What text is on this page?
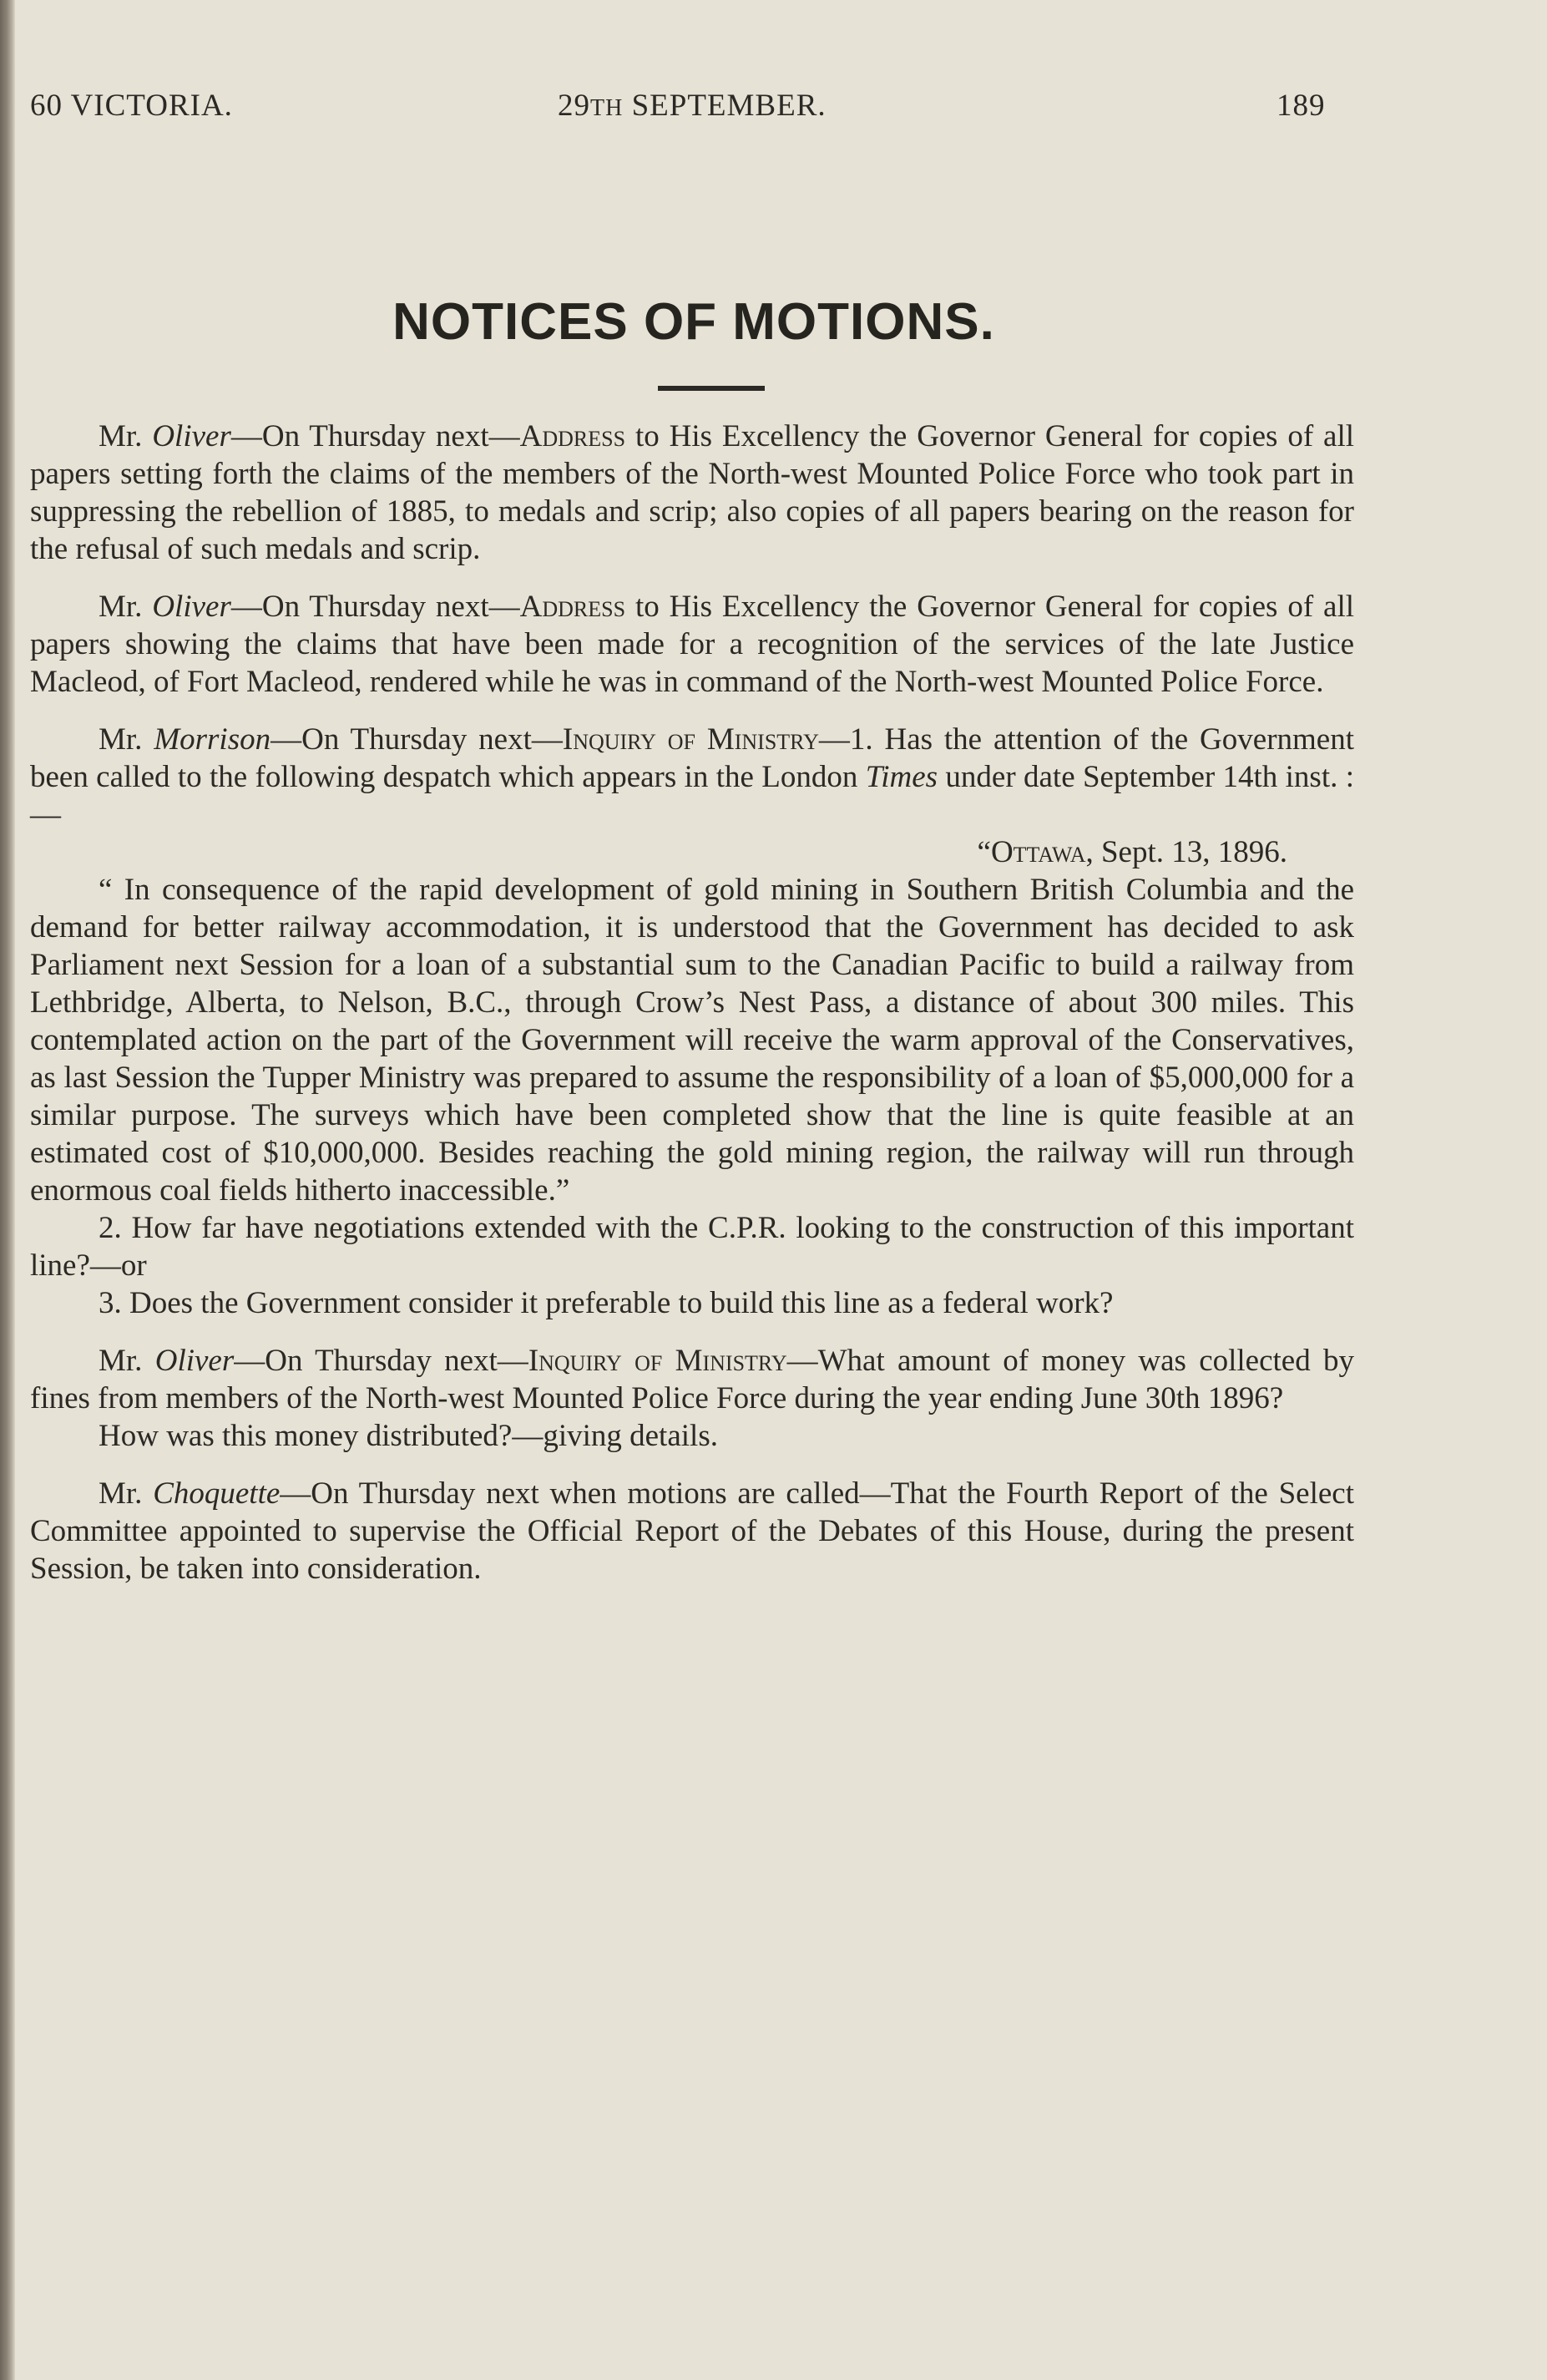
60 VICTORIA.	29TH SEPTEMBER.	189
NOTICES OF MOTIONS.

Mr. Oliver—On Thursday next—Address to His Excellency the Governor General for copies of all papers setting forth the claims of the members of the North-west Mounted Police Force who took part in suppressing the rebellion of 1885, to medals and scrip; also copies of all papers bearing on the reason for the refusal of such medals and scrip.

Mr. Oliver—On Thursday next—Address to His Excellency the Governor General for copies of all papers showing the claims that have been made for a recognition of the services of the late Justice Macleod, of Fort Macleod, rendered while he was in command of the North-west Mounted Police Force.

Mr. Morrison—On Thursday next—Inquiry of Ministry—1. Has the attention of the Government been called to the following despatch which appears in the London Times under date September 14th inst. :—

“Ottawa, Sept. 13, 1896.

“ In consequence of the rapid development of gold mining in Southern British Columbia and the demand for better railway accommodation, it is understood that the Government has decided to ask Parliament next Session for a loan of a substantial sum to the Canadian Pacific to build a railway from Lethbridge, Alberta, to Nelson, B.C., through Crow’s Nest Pass, a distance of about 300 miles. This contemplated action on the part of the Government will receive the warm approval of the Conservatives, as last Session the Tupper Ministry was prepared to assume the responsibility of a loan of $5,000,000 for a similar purpose. The surveys which have been completed show that the line is quite feasible at an estimated cost of $10,000,000. Besides reaching the gold mining region, the railway will run through enormous coal fields hitherto inaccessible.”

2. How far have negotiations extended with the C.P.R. looking to the construction of this important line?—or

3. Does the Government consider it preferable to build this line as a federal work?

Mr. Oliver—On Thursday next—Inquiry of Ministry—What amount of money was collected by fines from members of the North-west Mounted Police Force during the year ending June 30th 1896?

How was this money distributed?—giving details.

Mr. Choquette—On Thursday next when motions are called—That the Fourth Report of the Select Committee appointed to supervise the Official Report of the Debates of this House, during the present Session, be taken into consideration.
